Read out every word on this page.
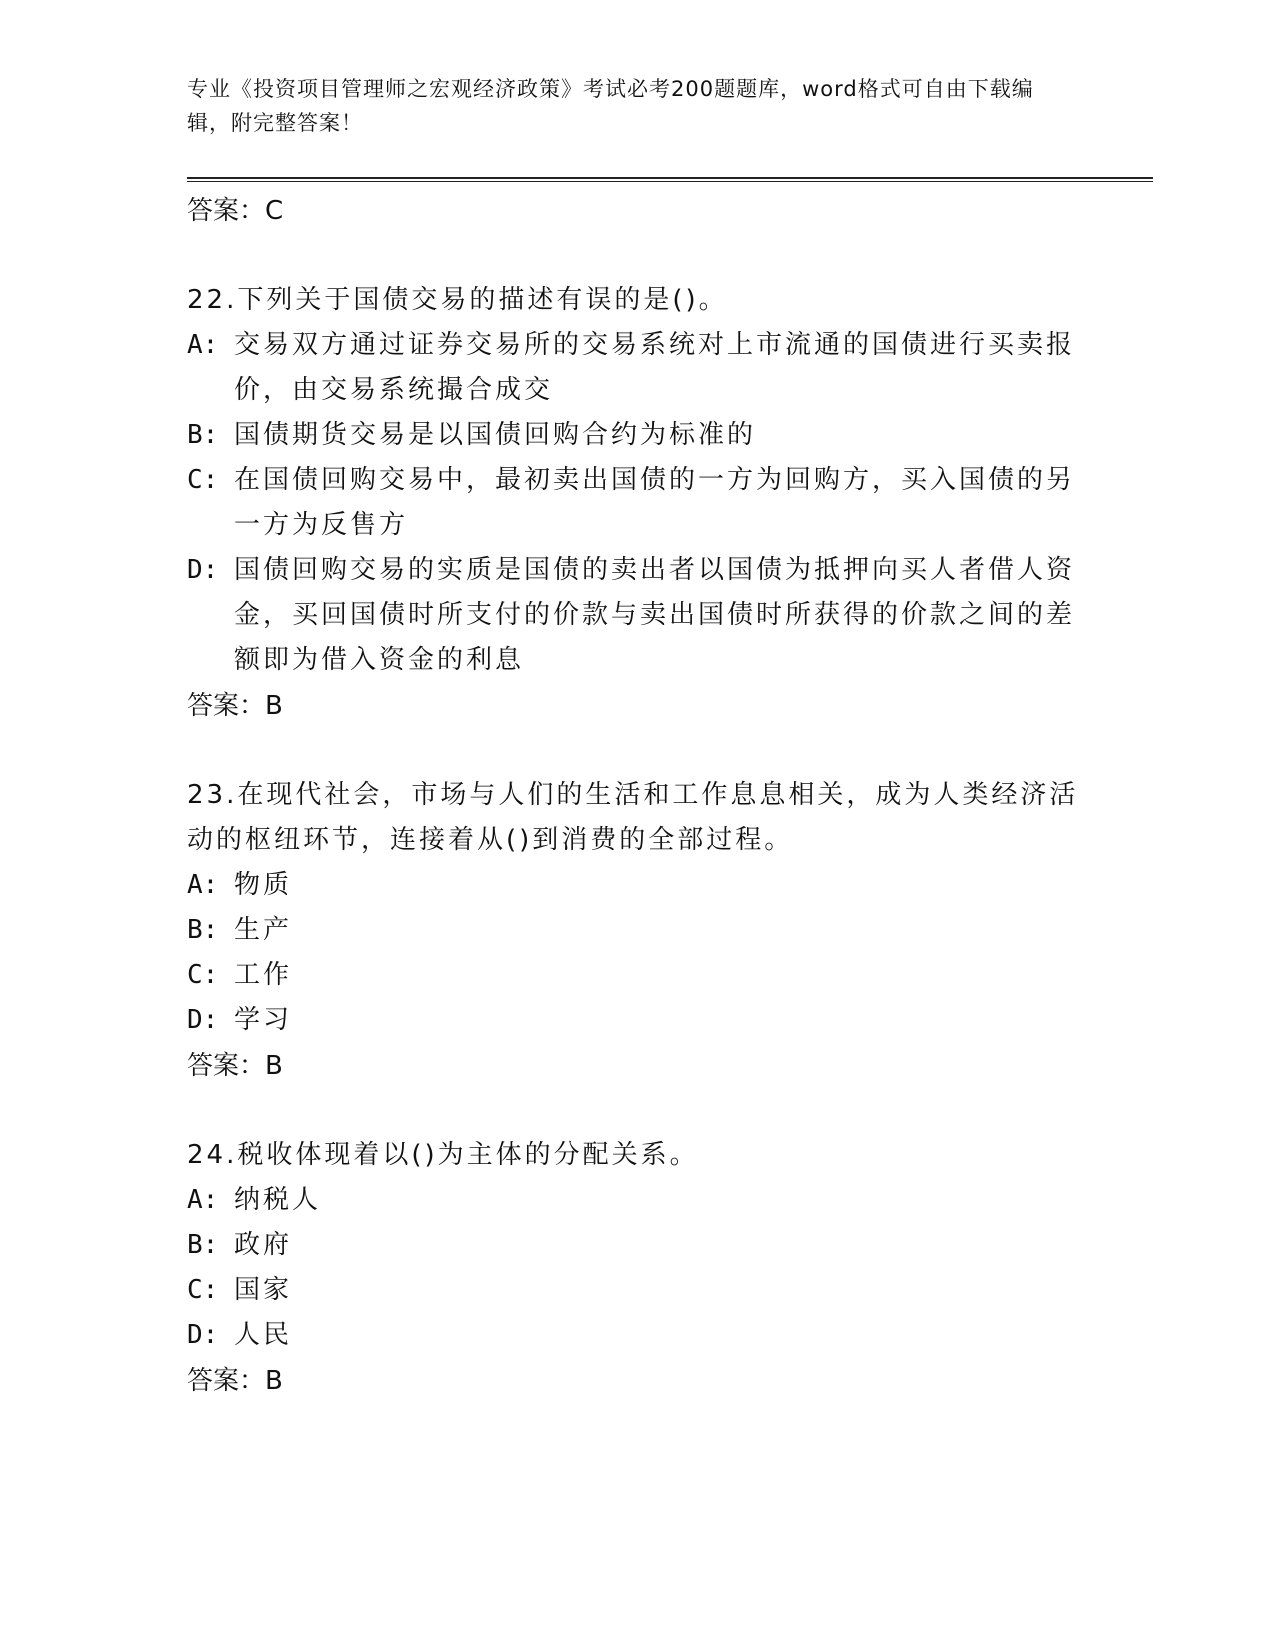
专业《投资项目管理师之宏观经济政策》考试必考200题题库，word格式可自由下载编辑，附完整答案！
答案：C
22.下列关于国债交易的描述有误的是()。
A: 交易双方通过证券交易所的交易系统对上市流通的国债进行买卖报价，由交易系统撮合成交
B: 国债期货交易是以国债回购合约为标准的
C: 在国债回购交易中，最初卖出国债的一方为回购方，买入国债的另一方为反售方
D: 国债回购交易的实质是国债的卖出者以国债为抵押向买人者借人资金，买回国债时所支付的价款与卖出国债时所获得的价款之间的差额即为借入资金的利息
答案：B
23.在现代社会，市场与人们的生活和工作息息相关，成为人类经济活动的枢纽环节，连接着从()到消费的全部过程。
A: 物质
B: 生产
C: 工作
D: 学习
答案：B
24.税收体现着以()为主体的分配关系。
A: 纳税人
B: 政府
C: 国家
D: 人民
答案：B
